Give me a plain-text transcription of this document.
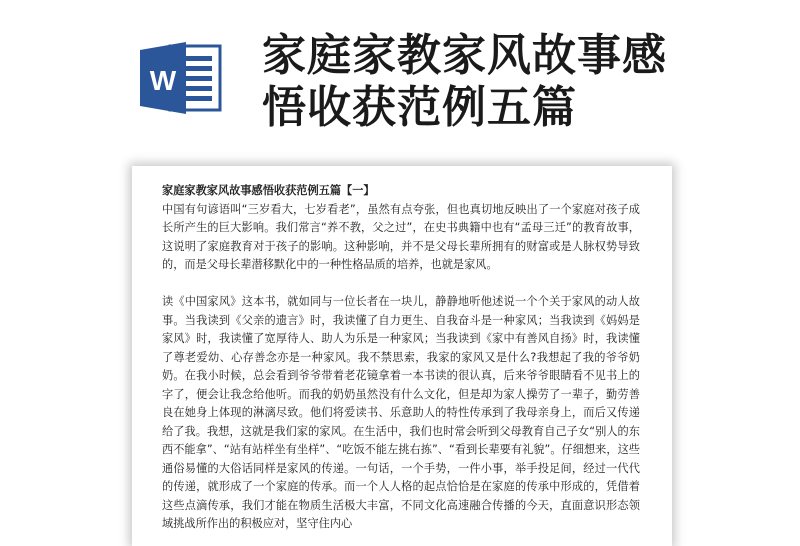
W 家庭家教家风故事感
悟收获范例五篇

家庭家教家风故事感悟收获范例五篇【一】

中国有句谚语叫“三岁看大，七岁看老”，虽然有点夸张，但也真切地反映出了一个家庭对孩子成长所产生的巨大影响。我们常言“养不教，父之过”，在史书典籍中也有“孟母三迁”的教育故事，这说明了家庭教育对于孩子的影响。这种影响，并不是父母长辈所拥有的财富或是人脉权势导致的，而是父母长辈潜移默化中的一种性格品质的培养，也就是家风。

读《中国家风》这本书，就如同与一位长者在一块儿，静静地听他述说一个个关于家风的动人故事。当我读到《父亲的遗言》时，我读懂了自力更生、自我奋斗是一种家风；当我读到《妈妈是家风》时，我读懂了宽厚待人、助人为乐是一种家风；当我读到《家中有善风自扬》时，我读懂了尊老爱幼、心存善念亦是一种家风。我不禁思索，我家的家风又是什么?我想起了我的爷爷奶奶。在我小时候，总会看到爷爷带着老花镜拿着一本书读的很认真，后来爷爷眼睛看不见书上的字了，便会让我念给他听。而我的奶奶虽然没有什么文化，但是却为家人操劳了一辈子，勤劳善良在她身上体现的淋漓尽致。他们将爱读书、乐意助人的特性传承到了我母亲身上，而后又传递给了我。我想，这就是我们家的家风。在生活中，我们也时常会听到父母教育自己子女“别人的东西不能拿”、“站有站样坐有坐样”、“吃饭不能左挑右拣”、“看到长辈要有礼貌”。仔细想来，这些通俗易懂的大俗话同样是家风的传递。一句话，一个手势，一件小事，举手投足间，经过一代代的传递，就形成了一个家庭的传承。而一个人人格的起点恰恰是在家庭的传承中形成的，凭借着这些点滴传承，我们才能在物质生活极大丰富，不同文化高速融合传播的今天，直面意识形态领域挑战所作出的积极应对，坚守住内心
